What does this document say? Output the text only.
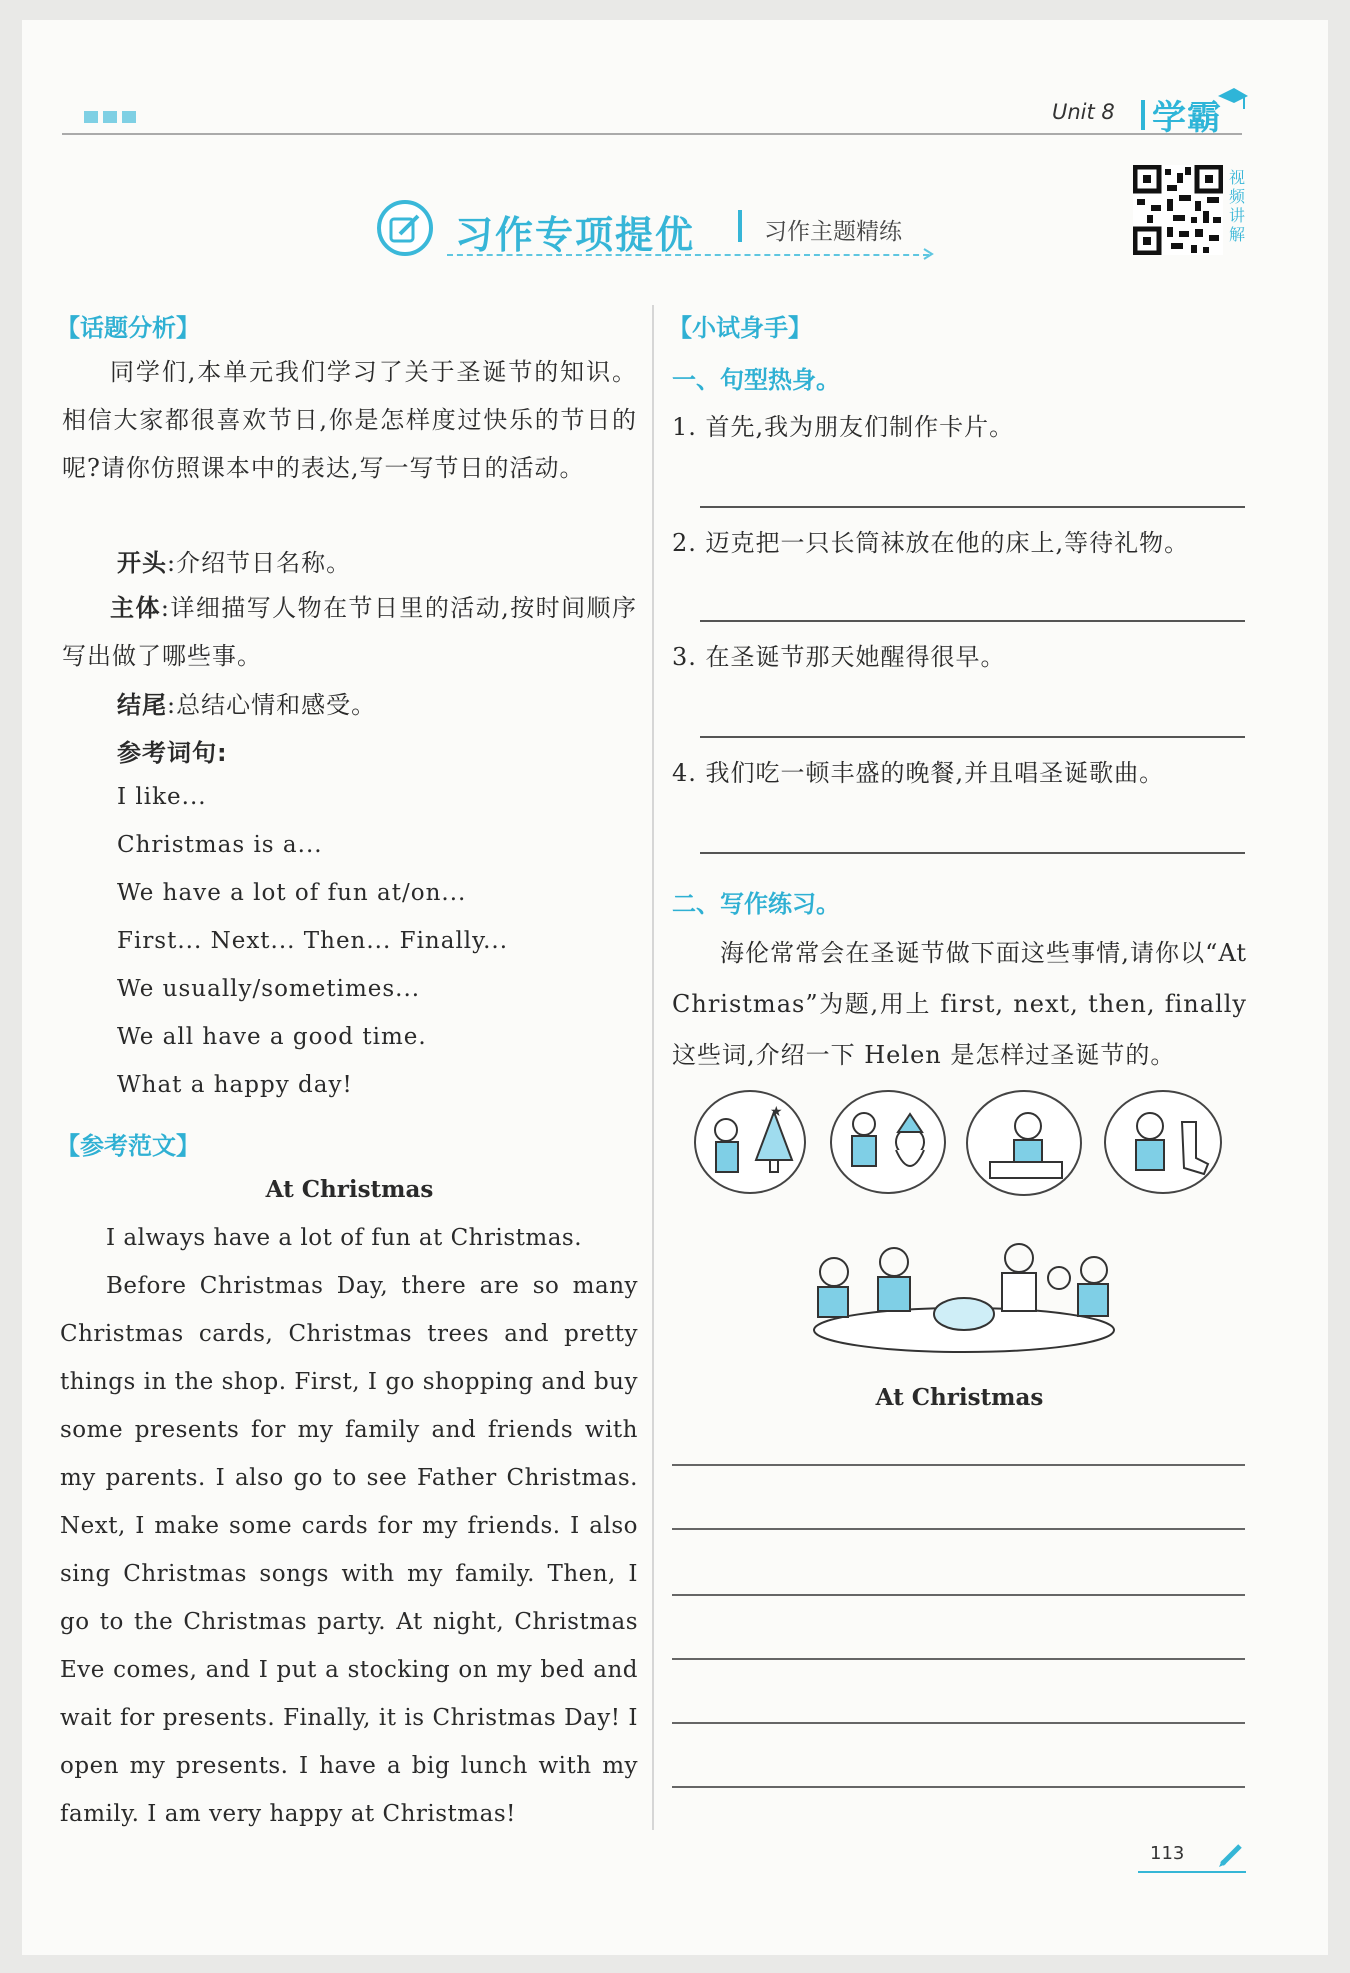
Unit 8 学霸
习作专项提优	习作主题精练
视频讲解
【话题分析】
同学们,本单元我们学习了关于圣诞节的知识。相信大家都很喜欢节日,你是怎样度过快乐的节日的呢?请你仿照课本中的表达,写一写节日的活动。
开头:介绍节日名称。
主体:详细描写人物在节日里的活动,按时间顺序写出做了哪些事。
结尾:总结心情和感受。
参考词句:
I like...
Christmas is a...
We have a lot of fun at/on...
First... Next... Then... Finally...
We usually/sometimes...
We all have a good time.
What a happy day!
【参考范文】
At Christmas
I always have a lot of fun at Christmas.
Before Christmas Day, there are so many Christmas cards, Christmas trees and pretty things in the shop. First, I go shopping and buy some presents for my family and friends with my parents. I also go to see Father Christmas. Next, I make some cards for my friends. I also sing Christmas songs with my family. Then, I go to the Christmas party. At night, Christmas Eve comes, and I put a stocking on my bed and wait for presents. Finally, it is Christmas Day! I open my presents. I have a big lunch with my family. I am very happy at Christmas!
【小试身手】
一、句型热身。
1. 首先,我为朋友们制作卡片。
2. 迈克把一只长筒袜放在他的床上,等待礼物。
3. 在圣诞节那天她醒得很早。
4. 我们吃一顿丰盛的晚餐,并且唱圣诞歌曲。
二、写作练习。
海伦常常会在圣诞节做下面这些事情,请你以“At Christmas”为题,用上 first, next, then, finally 这些词,介绍一下 Helen 是怎样过圣诞节的。
★
At Christmas
113
